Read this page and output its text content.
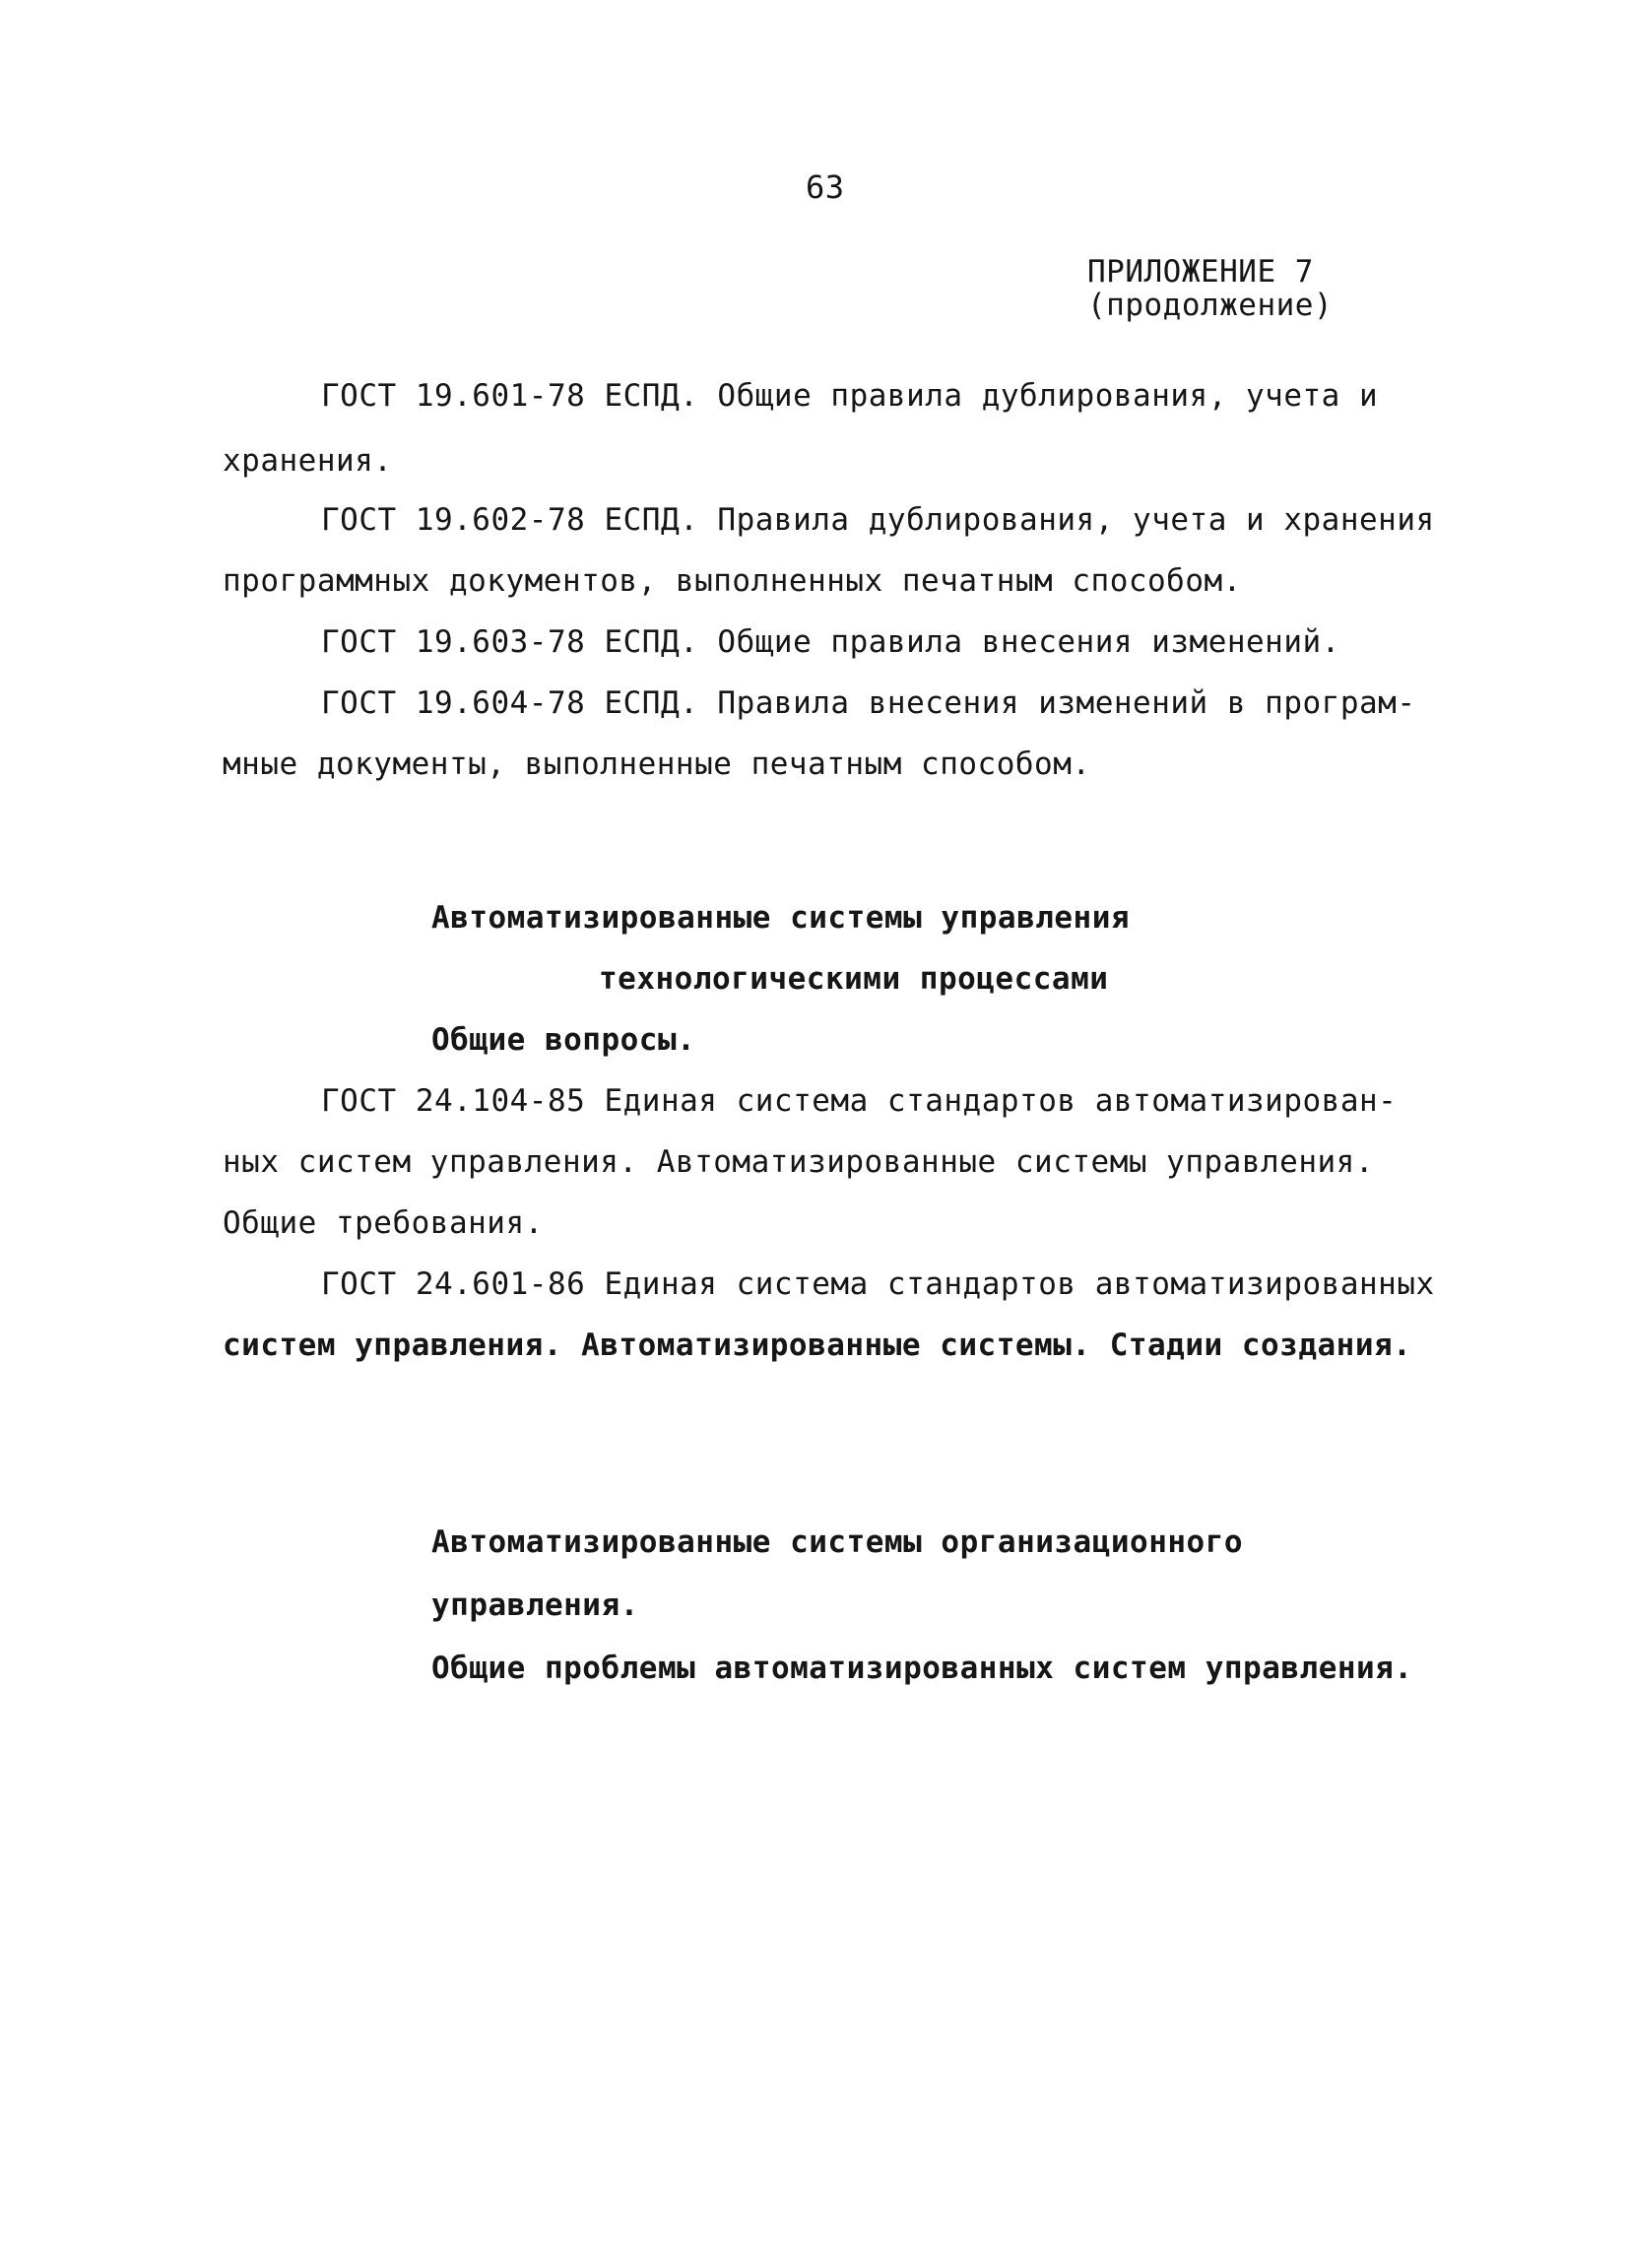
63
ПРИЛОЖЕНИЕ 7
(продолжение)
ГОСТ 19.601-78 ЕСПД. Общие правила дублирования, учета и
хранения.
ГОСТ 19.602-78 ЕСПД. Правила дублирования, учета и хранения
программных документов, выполненных печатным способом.
ГОСТ 19.603-78 ЕСПД. Общие правила внесения изменений.
ГОСТ 19.604-78 ЕСПД. Правила внесения изменений в програм-
мные документы, выполненные печатным способом.
Автоматизированные системы управления
технологическими процессами
Общие вопросы.
ГОСТ 24.104-85 Единая система стандартов автоматизирован-
ных систем управления. Автоматизированные системы управления.
Общие требования.
ГОСТ 24.601-86 Единая система стандартов автоматизированных
систем управления. Автоматизированные системы. Стадии создания.
Автоматизированные системы организационного
управления.
Общие проблемы автоматизированных систем управления.
